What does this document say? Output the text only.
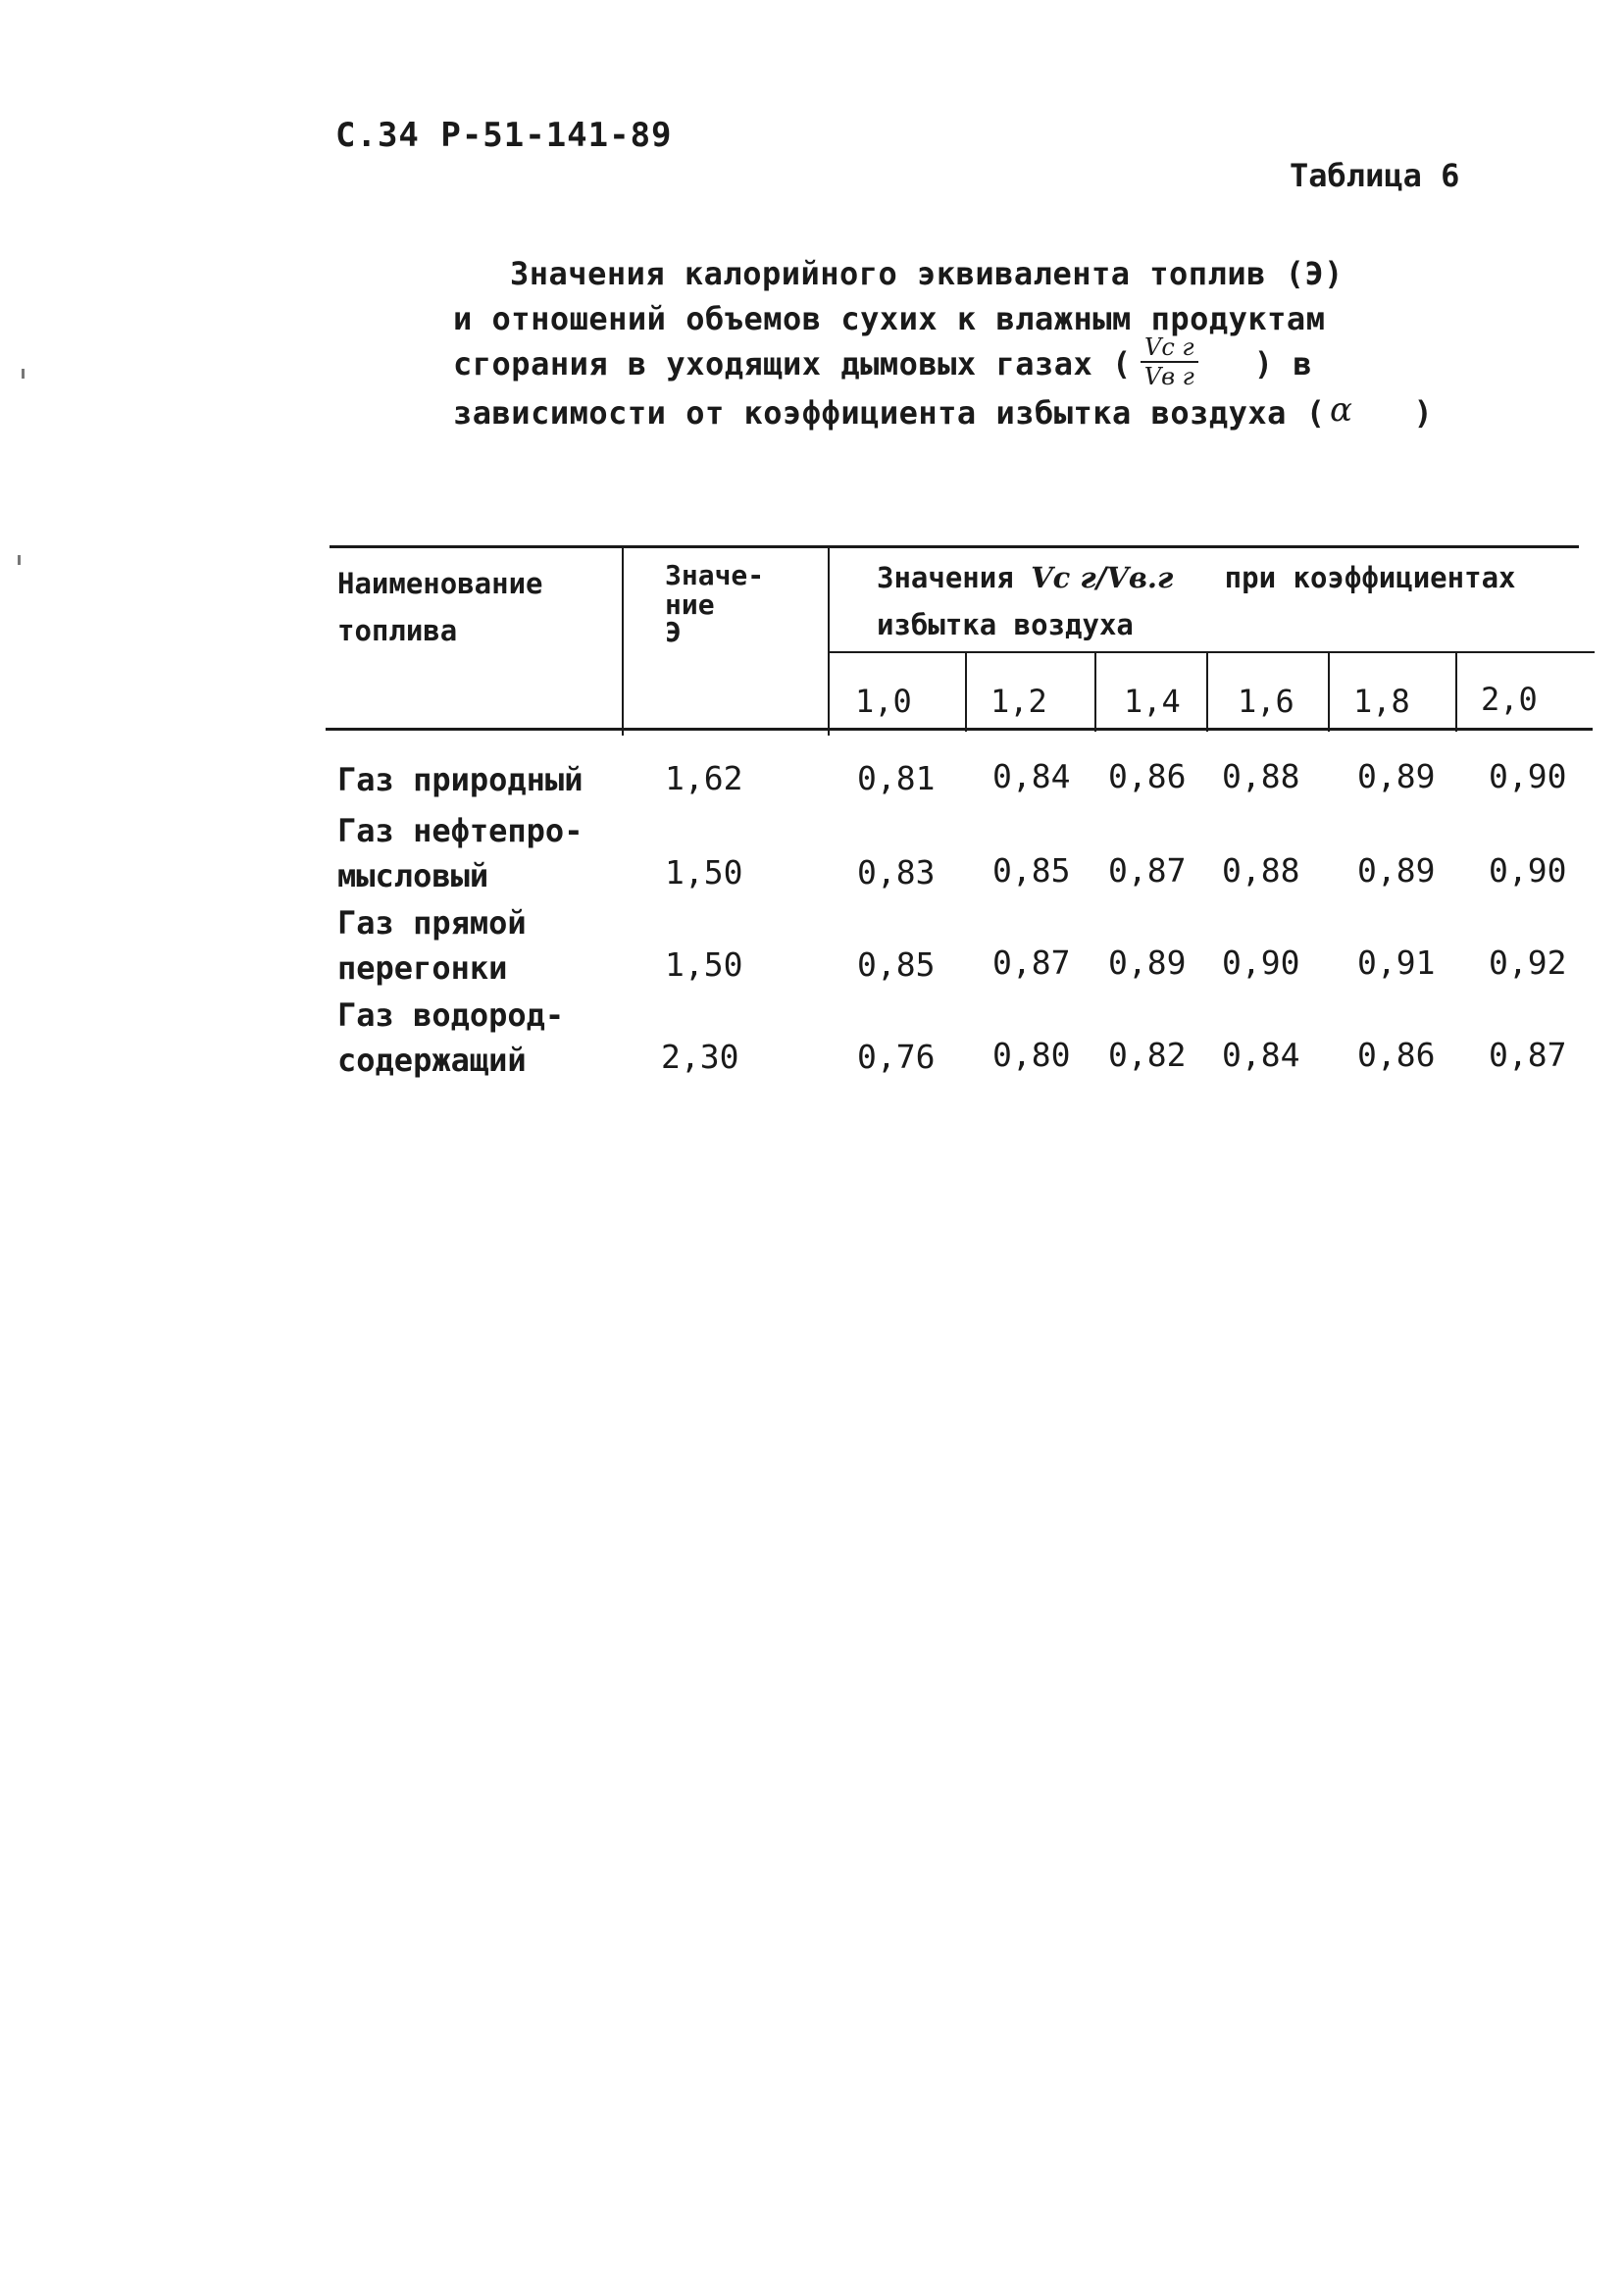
С.34 Р-51-141-89
Таблица 6
Значения калорийного эквивалента топлив (Э)
и отношений объемов сухих к влажным продуктам
сгорания в уходящих дымовых газах (	) в
Vс г
Vв г
зависимости от коэффициента избытка воздуха (	)
α
Наименование
топлива
Значе-
ние
Э
Значения Vс г/Vв.г при коэффициентах
избытка воздуха
1,0	1,2 1,4 1,6 1,8 2,0
Газ природный	1,62	0,81 0,84 0,86 0,88 0,89 0,90
Газ нефтепро-
мысловый	1,50	0,83 0,85 0,87 0,88 0,89 0,90
Газ прямой
перегонки	1,50	0,85 0,87 0,89 0,90 0,91 0,92
Газ водород-
содержащий	2,30	0,76 0,80 0,82 0,84 0,86 0,87
